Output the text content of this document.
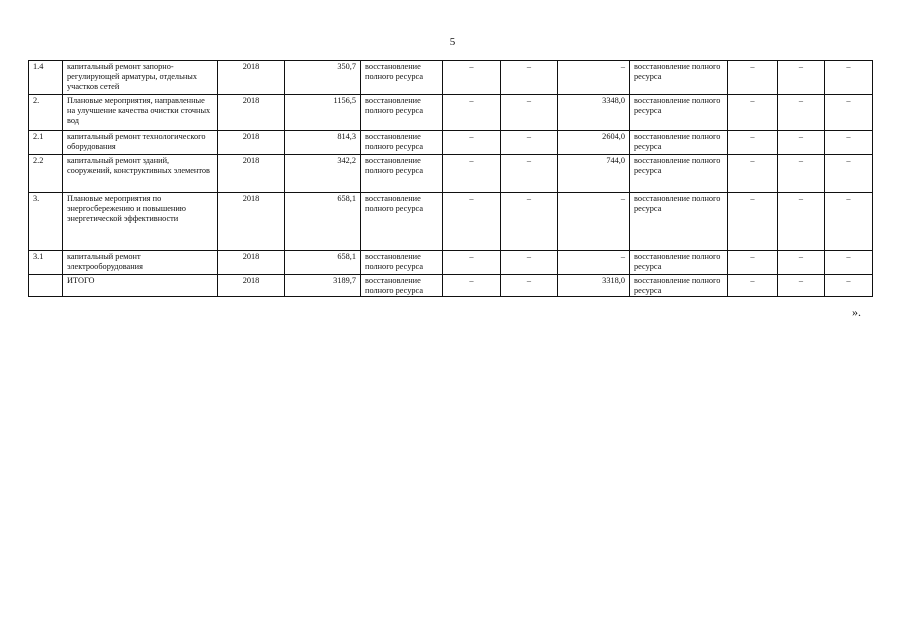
5
1.4	капитальный ремонт запорно-регулирующей арматуры, отдельных участков сетей	2018	350,7	восстановление полного ресурса	–	–	–	восстановление полного ресурса	–	–	–
2.	Плановые мероприятия, направленные на улучшение качества очистки сточных вод	2018	1156,5	восстановление полного ресурса	–	–	3348,0	восстановление полного ресурса	–	–	–
2.1	капитальный ремонт технологического оборудования	2018	814,3	восстановление полного ресурса	–	–	2604,0	восстановление полного ресурса	–	–	–
2.2	капитальный ремонт зданий, сооружений, конструктивных элементов	2018	342,2	восстановление полного ресурса	–	–	744,0	восстановление полного ресурса	–	–	–
3.	Плановые мероприятия по энергосбережению и повышению энергетической эффективности	2018	658,1	восстановление полного ресурса	–	–	–	восстановление полного ресурса	–	–	–
3.1	капитальный ремонт электрооборудования	2018	658,1	восстановление полного ресурса	–	–	–	восстановление полного ресурса	–	–	–
	ИТОГО	2018	3189,7	восстановление полного ресурса	–	–	3318,0	восстановление полного ресурса	–	–	–
».
